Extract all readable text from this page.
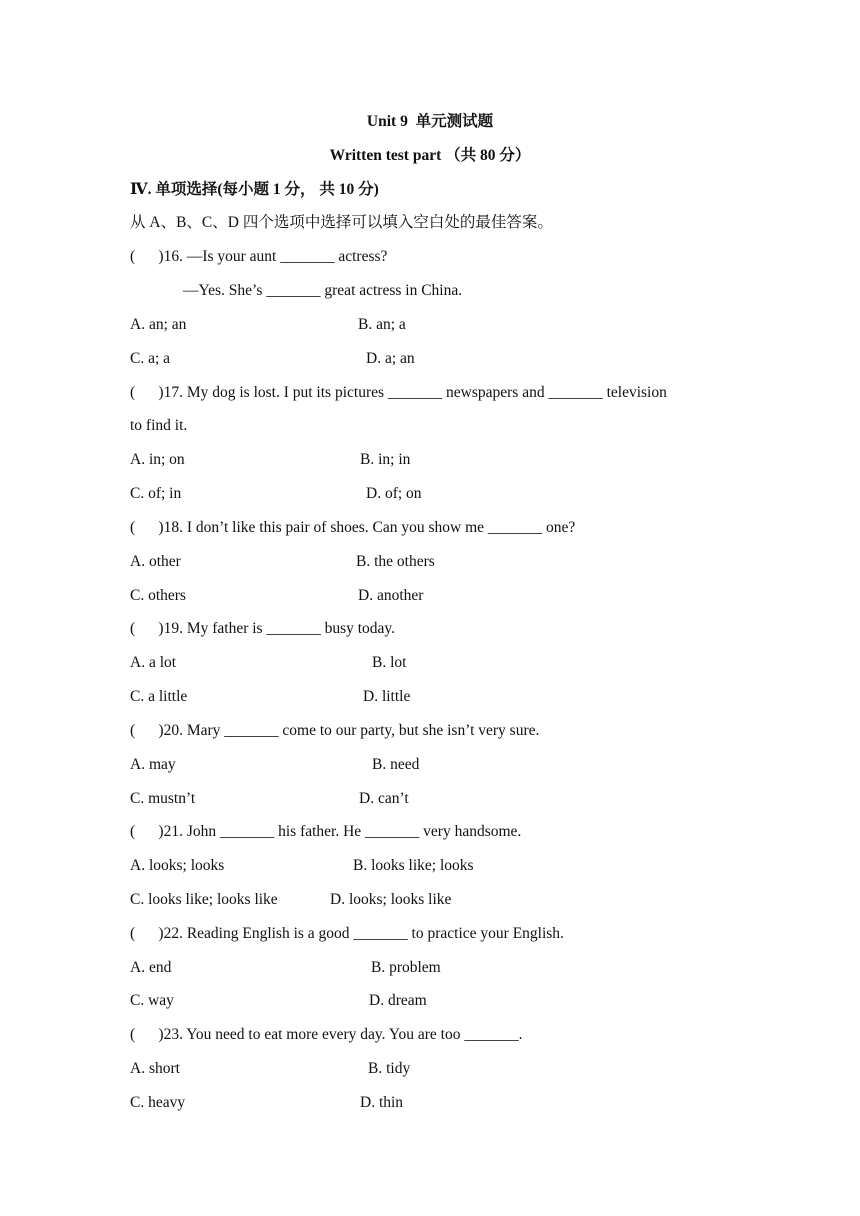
Unit 9  单元测试题
Written test part （共 80 分）
Ⅳ. 单项选择(每小题 1 分， 共 10 分)
从 A、B、C、D 四个选项中选择可以填入空白处的最佳答案。
(      )16. —Is your aunt _______ actress?
—Yes. She’s _______ great actress in China.
A. an; an	B. an; a
C. a; a	D. a; an
(      )17. My dog is lost. I put its pictures _______ newspapers and _______ television
to find it.
A. in; on	B. in; in
C. of; in	D. of; on
(      )18. I don’t like this pair of shoes. Can you show me _______ one?
A. other	B. the others
C. others	D. another
(      )19. My father is _______ busy today.
A. a lot	B. lot
C. a little	D. little
(      )20. Mary _______ come to our party, but she isn’t very sure.
A. may	B. need
C. mustn’t	D. can’t
(      )21. John _______ his father. He _______ very handsome.
A. looks; looks	B. looks like; looks
C. looks like; looks like	D. looks; looks like
(      )22. Reading English is a good _______ to practice your English.
A. end	B. problem
C. way	D. dream
(      )23. You need to eat more every day. You are too _______.
A. short	B. tidy
C. heavy	D. thin
